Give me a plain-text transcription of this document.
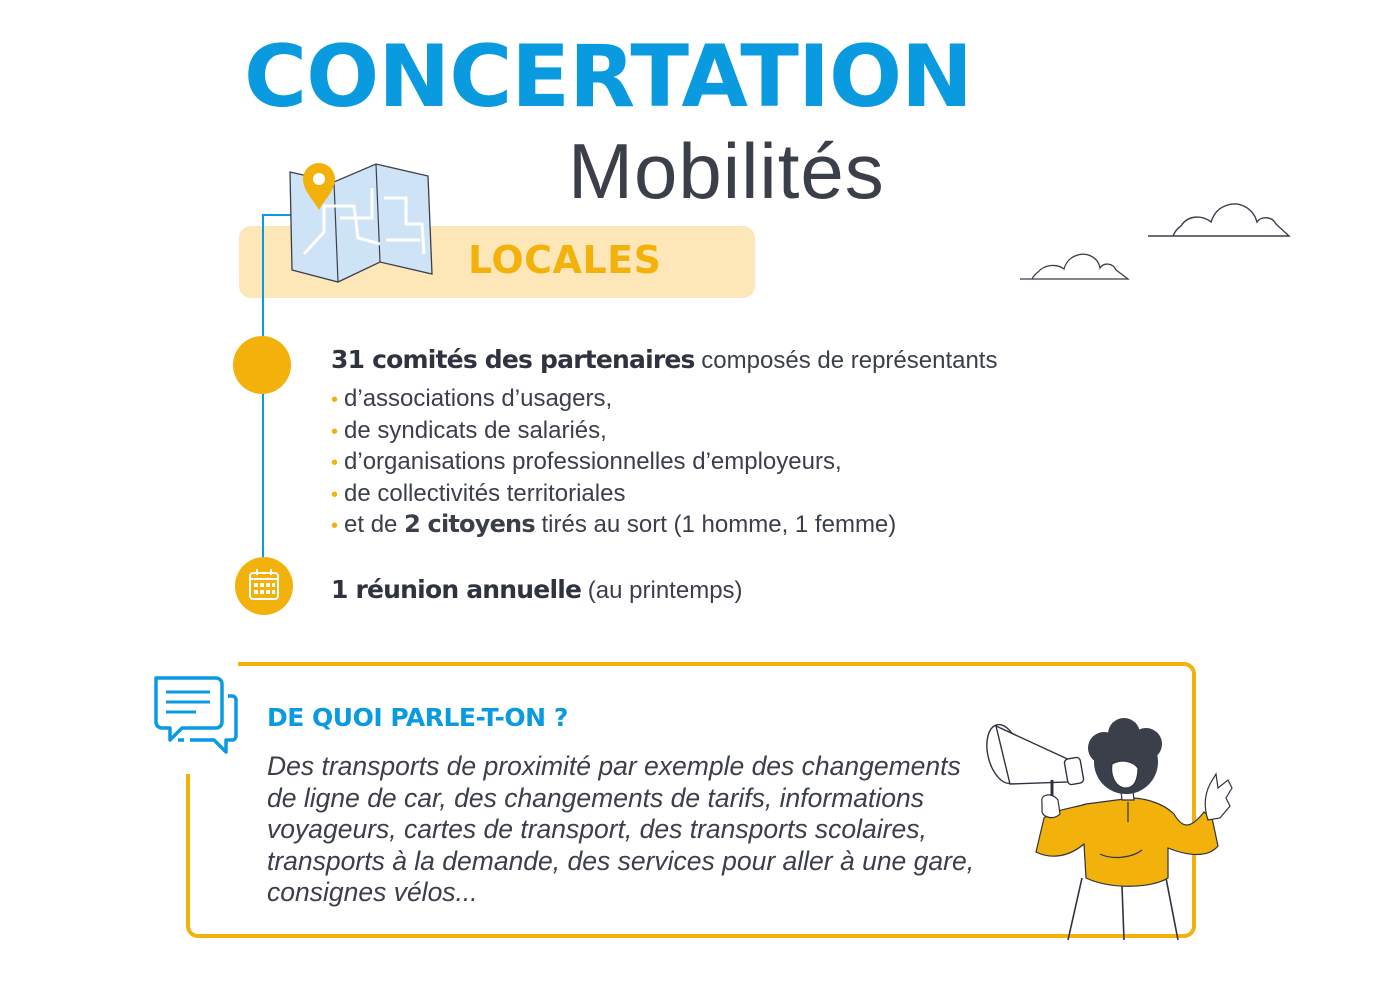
CONCERTATION
Mobilités
LOCALES
31 comités des partenaires composés de représentants
• d’associations d’usagers,
• de syndicats de salariés,
• d’organisations professionnelles d’employeurs,
• de collectivités territoriales
• et de 2 citoyens tirés au sort (1 homme, 1 femme)
1 réunion annuelle (au printemps)
DE QUOI PARLE-T-ON ?

Des transports de proximité par exemple des changements de ligne de car, des changements de tarifs, informations voyageurs, cartes de transport, des transports scolaires, transports à la demande, des services pour aller à une gare, consignes vélos...
